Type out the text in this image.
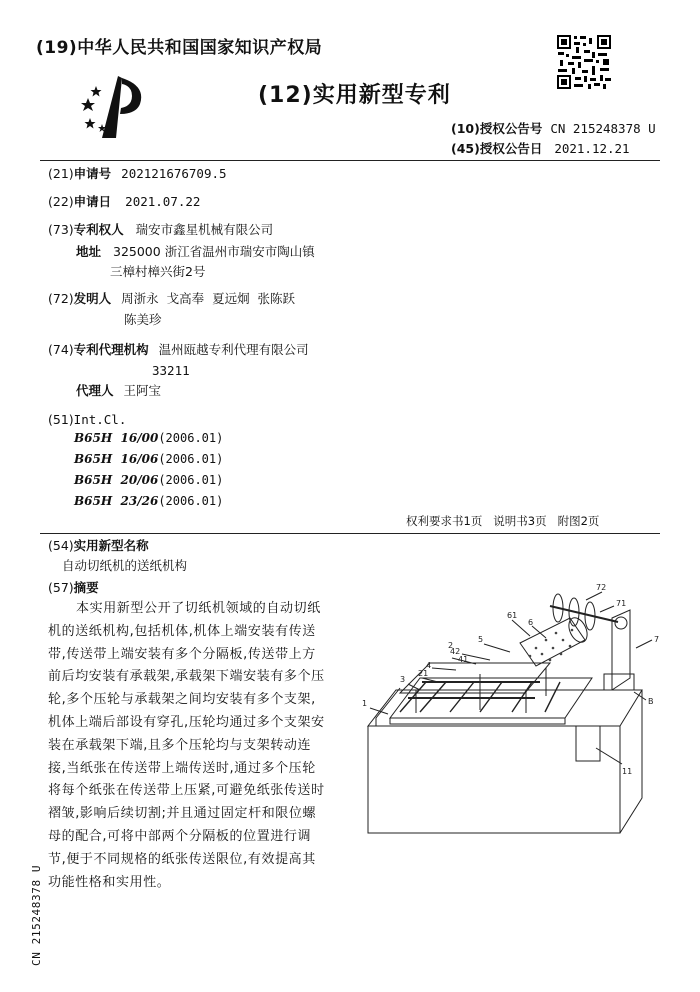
(19)中华人民共和国国家知识产权局
(12)实用新型专利
(10)授权公告号 CN 215248378 U
(45)授权公告日 2021.12.21
(21)申请号 202121676709.5
(22)申请日 2021.07.22
(73)专利权人 瑞安市鑫星机械有限公司
地址 325000 浙江省温州市瑞安市陶山镇
三樟村樟兴街2号
(72)发明人 周浙永  戈高奉  夏远炯  张陈跃
陈美珍
(74)专利代理机构 温州瓯越专利代理有限公司
33211
代理人 王阿宝
(51)Int.Cl.
B65H  16/00(2006.01)
B65H  16/06(2006.01)
B65H  20/06(2006.01)
B65H  23/26(2006.01)
权利要求书1页   说明书3页   附图2页
(54)实用新型名称
自动切纸机的送纸机构
(57)摘要

本实用新型公开了切纸机领域的自动切纸

机的送纸机构,包括机体,机体上端安装有传送

带,传送带上端安装有多个分隔板,传送带上方

前后均安装有承载架,承载架下端安装有多个压

轮,多个压轮与承载架之间均安装有多个支架,

机体上端后部设有穿孔,压轮均通过多个支架安

装在承载架下端,且多个压轮均与支架转动连

接,当纸张在传送带上端传送时,通过多个压轮

将每个纸张在传送带上压紧,可避免纸张传送时

褶皱,影响后续切割;并且通过固定杆和限位螺

母的配合,可将中部两个分隔板的位置进行调

节,便于不同规格的纸张传送限位,有效提高其

功能性格和实用性。

72
71
61
6
5
42
41
4
3
21
2
1
7
B
11
CN 215248378 U
